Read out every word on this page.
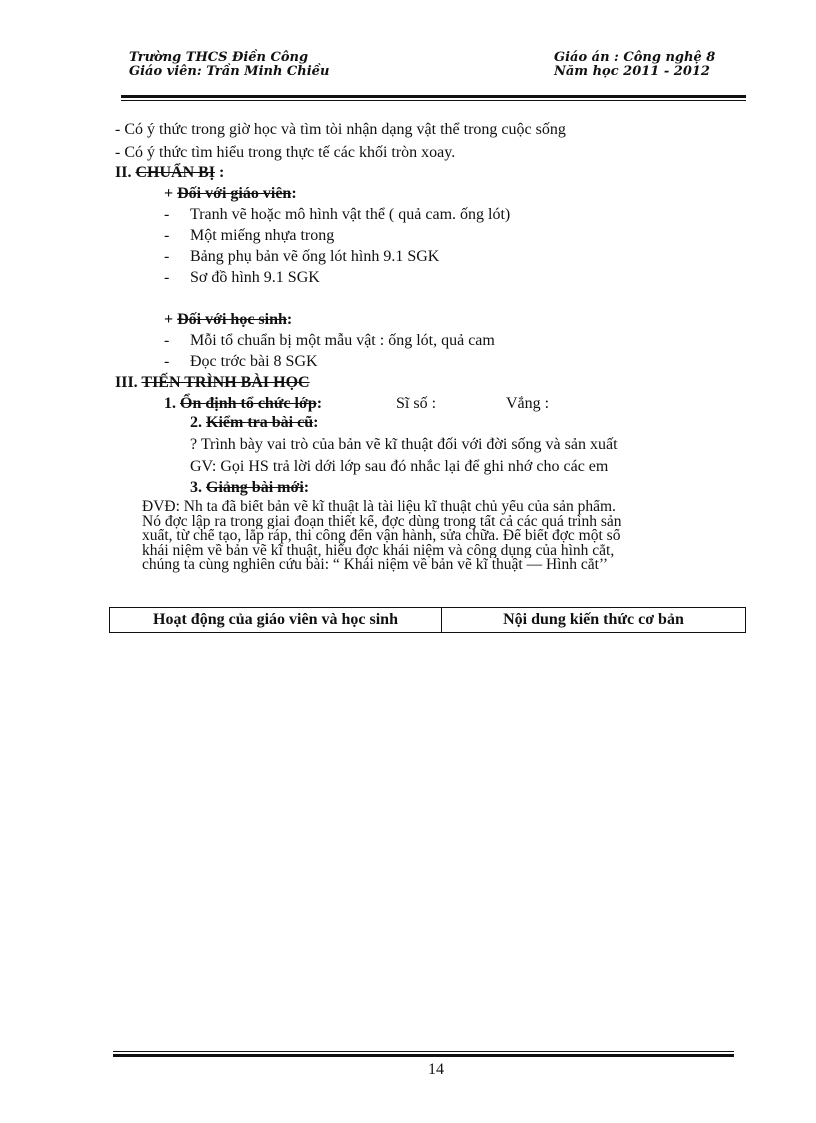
Trường THCS Điền Công
Giáo viên: Trần Minh Chiều
Giáo án : Công nghệ 8
Năm học 2011 - 2012
- Có ý thức trong giờ học và tìm tòi nhận dạng vật thể trong cuộc sống
- Có ý thức tìm hiểu trong thực tế các khối tròn xoay.
II. CHUẨN BỊ :
+ Đối với giáo viên:
- Tranh vẽ hoặc mô hình vật thể ( quả cam. ống lót)
- Một miếng nhựa trong
- Bảng phụ bản vẽ ống lót hình 9.1 SGK
- Sơ đồ hình 9.1 SGK
+ Đối với học sinh:
- Mỗi tổ chuẩn bị một mẫu vật : ống lót, quả cam
- Đọc trớc bài 8 SGK
III. TIẾN TRÌNH BÀI HỌC
1. Ổn định tổ chức lớp:	Sĩ số :	Vắng :
2. Kiểm tra bài cũ:
? Trình bày vai trò của bản vẽ kĩ thuật đối với đời sống và sản xuất
GV: Gọi HS trả lời dới lớp sau đó nhắc lại để ghi nhớ cho các em
3. Giảng bài mới:
ĐVĐ: Nh ta đã biết bản vẽ kĩ thuật là tài liệu kĩ thuật chủ yếu của sản phẩm.
Nó đợc lập ra trong giai đoạn thiết kế, đợc dùng trong tất cả các quá trình sản
xuất, từ chế tạo, lắp ráp, thi công đến vận hành, sửa chữa. Để biết đợc một số
khái niệm về bản vẽ kĩ thuật, hiểu đợc khái niệm và công dụng của hình cắt,
chúng ta cùng nghiên cứu bài: “ Khái niệm về bản vẽ kĩ thuật — Hình cắt’’
Hoạt động của giáo viên và học sinh	Nội dung kiến thức cơ bản
14
